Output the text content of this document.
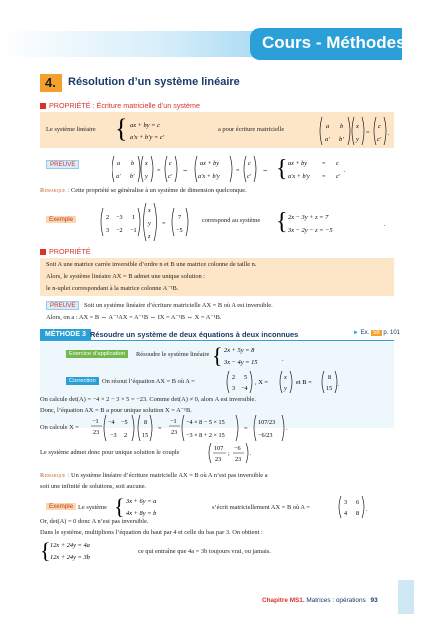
Cours - Méthodes
4.	Résolution d’un système linéaire
PROPRIÉTÉ : Écriture matricielle d’un système
Le système linéaire { ax + by = c
a′x + b′y = c′
a pour écriture matricielle	a b
a′ b′
x
y
=
c
c′
.
PREUVE	a b
a′ b′
x
y
=
c
c′
⇔
ax + by
a′x + b′y
=
c
c′
⇔ { ax + by = c
a′x + b′y = c′
.
Remarque : Cette propriété se généralise à un système de dimension quelconque.
Exemple	2 −3 1
3 −2 −1
x
y
z
=
7
−5
correspond au système { 2x − 3y + z = 7
3x − 2y − z = −5
.
PROPRIÉTÉ
Soit A une matrice carrée inversible d’ordre n et B une matrice colonne de taille n.
Alors, le système linéaire AX = B admet une unique solution :
le n-uplet correspondant à la matrice colonne A⁻¹B.
PREUVE	Soit un système linéaire d’écriture matricielle AX = B où A est inversible.
Alors, on a : AX = B ⇔ A⁻¹AX = A⁻¹B ⇔ IX = A⁻¹B ⇔ X = A⁻¹B.
MÉTHODE 3 Résoudre un système de deux équations à deux inconnues	► Ex. 58 p. 101
Exercice d’application	Résoudre le système linéaire { 2x + 5y = 8
3x − 4y = 15	.
Correction On résout l’équation AX = B où A =
2 5
3 −4
, X =
x
y
et B =
8
15
.
On calcule det(A) = −4 × 2 − 3 × 5 = −23. Comme det(A) ≠ 0, alors A est inversible.
Donc, l’équation AX = B a pour unique solution X = A⁻¹B.
On calcule X =
−1
23
−4 −5
−3 2
8
15
=
−1
23
−4 × 8 − 5 × 15
−3 × 8 + 2 × 15
=
107/23
−6/23
.
Le système admet donc pour unique solution le couple
107
23
;
−6
23
.
Remarque : Un système linéaire d’écriture matricielle AX = B où A n’est pas inversible a
soit une infinité de solutions, soit aucune.
Exemple Le système { 3x + 6y = a
4x + 8y = b
s’écrit matriciellement AX = B où A =
3 6
4 8
.
Or, det(A) = 0 donc A n’est pas inversible.
Dans le système, multiplions l’équation du haut par 4 et celle du bas par 3. On obtient :
{ 12x + 24y = 4a
12x + 24y = 3b
ce qui entraîne que 4a = 3b toujours vrai, ou jamais.
Chapitre MS1. Matrices : opérations 93
